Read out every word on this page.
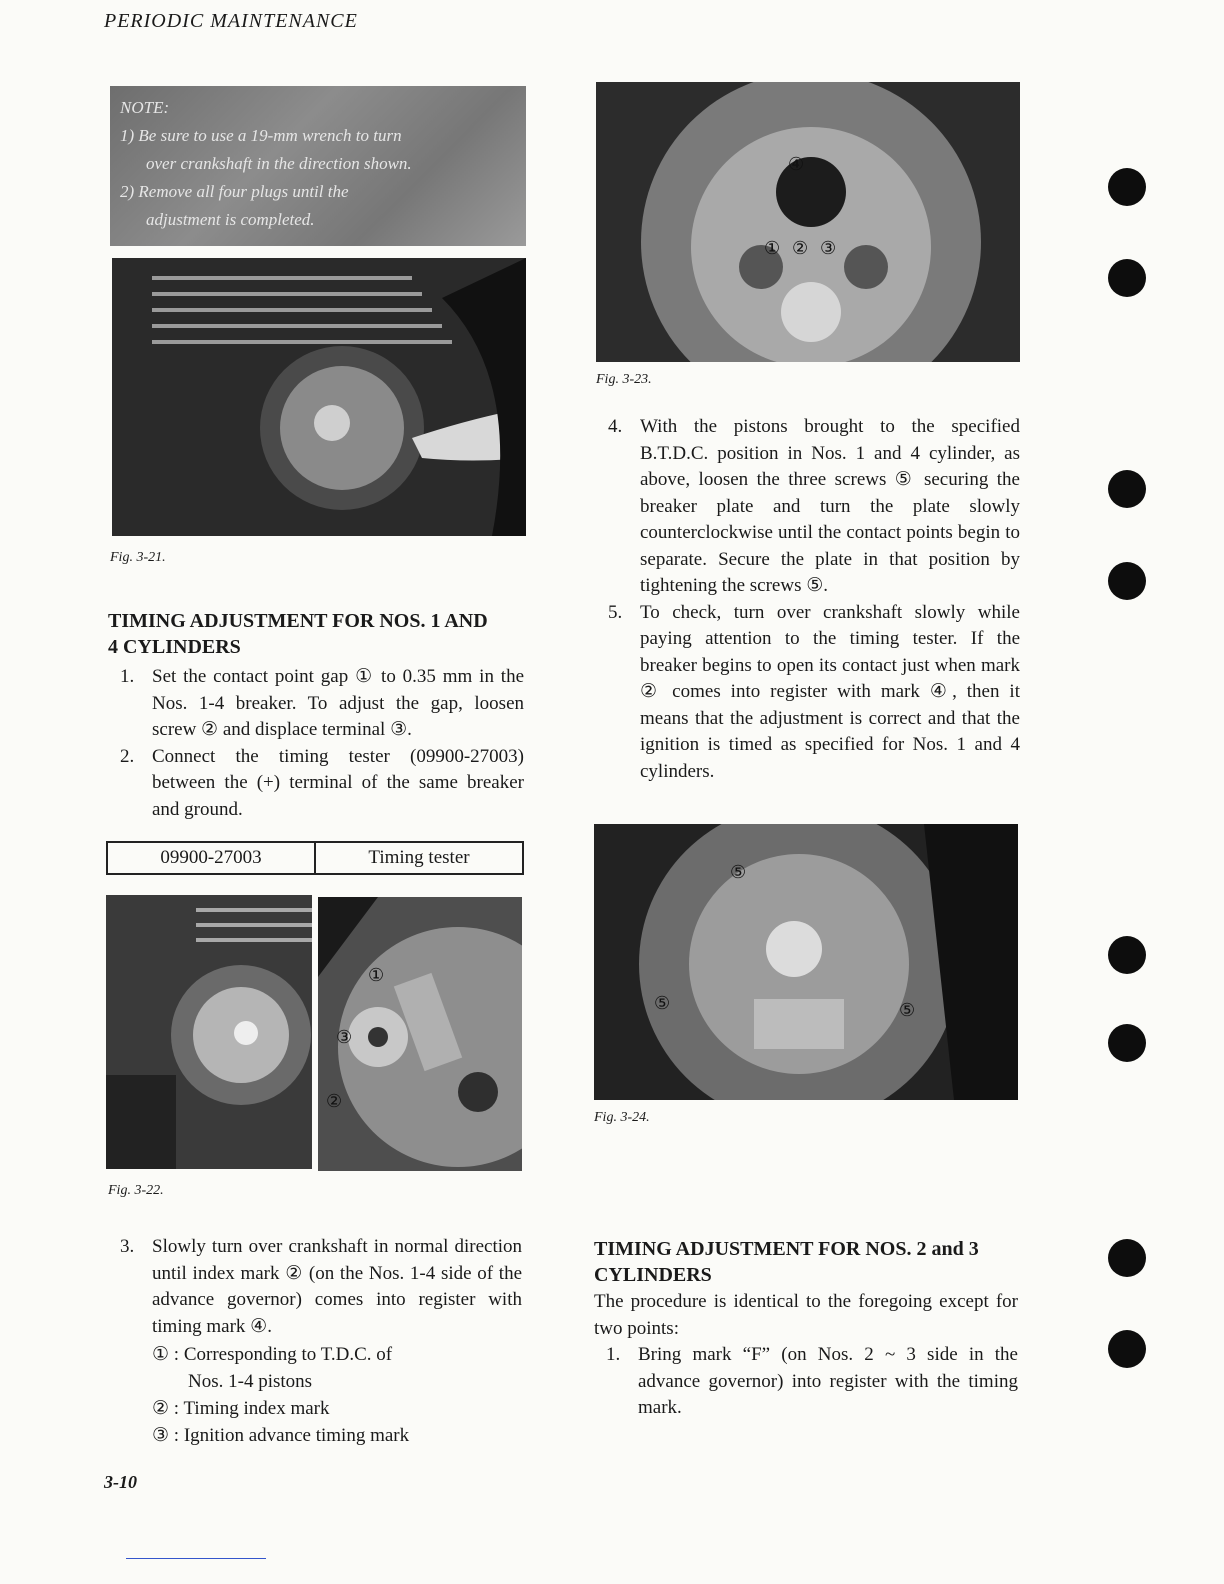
PERIODIC MAINTENANCE

NOTE:

1) Be sure to use a 19-mm wrench to turn

over crankshaft in the direction shown.

2) Remove all four plugs until the

adjustment is completed.

Fig. 3-21.
TIMING ADJUSTMENT FOR NOS. 1 AND
4 CYLINDERS
1. Set the contact point gap ① to 0.35 mm in the Nos. 1-4 breaker. To adjust the gap, loosen screw ② and displace terminal ③.
2. Connect the timing tester (09900-27003) between the (+) terminal of the same breaker and ground.
09900-27003	Timing tester
①
③
②
Fig. 3-22.
3. Slowly turn over crankshaft in normal direction until index mark ② (on the Nos. 1-4 side of the advance governor) comes into register with timing mark ④.
① : Corresponding to T.D.C. of
Nos. 1-4 pistons
② : Timing index mark
③ : Ignition advance timing mark
④
① ② ③
Fig. 3-23.
4. With the pistons brought to the specified B.T.D.C. position in Nos. 1 and 4 cylinder, as above, loosen the three screws ⑤ securing the breaker plate and turn the plate slowly counterclockwise until the contact points begin to separate. Secure the plate in that position by tightening the screws ⑤.
5. To check, turn over crankshaft slowly while paying attention to the timing tester. If the breaker begins to open its contact just when mark ② comes into register with mark ④, then it means that the adjustment is correct and that the ignition is timed as specified for Nos. 1 and 4 cylinders.
⑤
⑤	⑤
Fig. 3-24.
TIMING ADJUSTMENT FOR NOS. 2 and 3
CYLINDERS
The procedure is identical to the foregoing except for two points:
1. Bring mark “F” (on Nos. 2 ~ 3 side in the advance governor) into register with the timing mark.
3-10
